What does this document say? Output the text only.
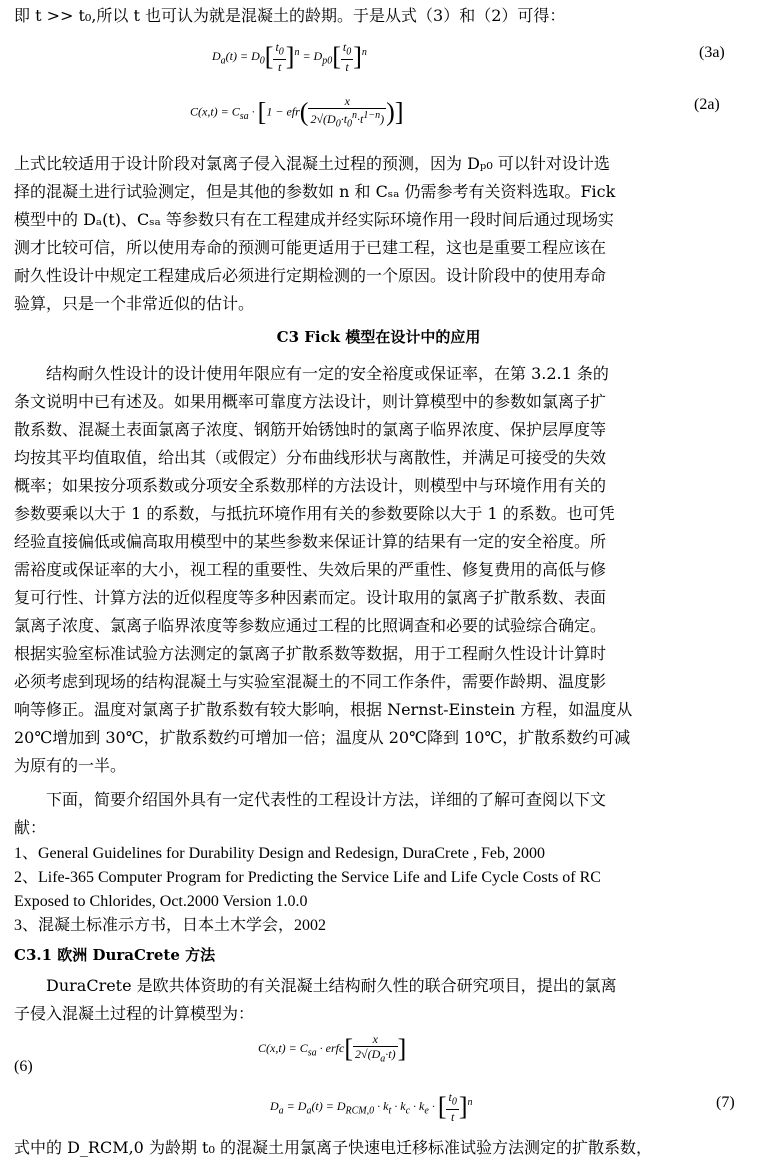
即 t >> t₀,所以 t 也可认为就是混凝土的龄期。于是从式（3）和（2）可得：
$D_a(t) = D_0[ \frac{t_0}{t} ]^n = D_{p0}[ \frac{t_0}{t} ]^n$	(3a)
$C(x,t) = C_{sa} \cdot [1 - efr( \frac{x}{2√(D_0\cdot t_0^n\cdot t^{1-n})}$ )]	(2a)
上式比较适用于设计阶段对氯离子侵入混凝土过程的预测，因为 Dₚ₀ 可以针对设计选
择的混凝土进行试验测定，但是其他的参数如 n 和 Cₛₐ 仍需参考有关资料选取。Fick
模型中的 Dₐ(t)、Cₛₐ 等参数只有在工程建成并经实际环境作用一段时间后通过现场实
测才比较可信，所以使用寿命的预测可能更适用于已建工程，这也是重要工程应该在
耐久性设计中规定工程建成后必须进行定期检测的一个原因。设计阶段中的使用寿命
验算，只是一个非常近似的估计。
C3 Fick 模型在设计中的应用
结构耐久性设计的设计使用年限应有一定的安全裕度或保证率，在第 3.2.1 条的
条文说明中已有述及。如果用概率可靠度方法设计，则计算模型中的参数如氯离子扩
散系数、混凝土表面氯离子浓度、钢筋开始锈蚀时的氯离子临界浓度、保护层厚度等
均按其平均值取值，给出其（或假定）分布曲线形状与离散性，并满足可接受的失效
概率；如果按分项系数或分项安全系数那样的方法设计，则模型中与环境作用有关的
参数要乘以大于 1 的系数，与抵抗环境作用有关的参数要除以大于 1 的系数。也可凭
经验直接偏低或偏高取用模型中的某些参数来保证计算的结果有一定的安全裕度。所
需裕度或保证率的大小，视工程的重要性、失效后果的严重性、修复费用的高低与修
复可行性、计算方法的近似程度等多种因素而定。设计取用的氯离子扩散系数、表面
氯离子浓度、氯离子临界浓度等参数应通过工程的比照调查和必要的试验综合确定。
根据实验室标准试验方法测定的氯离子扩散系数等数据，用于工程耐久性设计计算时
必须考虑到现场的结构混凝土与实验室混凝土的不同工作条件，需要作龄期、温度影
响等修正。温度对氯离子扩散系数有较大影响，根据 Nernst-Einstein 方程，如温度从
20℃增加到 30℃，扩散系数约可增加一倍；温度从 20℃降到 10℃，扩散系数约可减
为原有的一半。
下面，简要介绍国外具有一定代表性的工程设计方法，详细的了解可查阅以下文
献：
1、General Guidelines for Durability Design and Redesign, DuraCrete , Feb, 2000
2、Life-365 Computer Program for Predicting the Service Life and Life Cycle Costs of RC
Exposed to Chlorides, Oct.2000 Version 1.0.0
3、混凝土标准示方书，日本土木学会，2002
C3.1 欧洲 DuraCrete 方法
DuraCrete 是欧共体资助的有关混凝土结构耐久性的联合研究项目，提出的氯离
子侵入混凝土过程的计算模型为：
$C(x,t) = C_{sa}$ · erfc[ $\frac{x}{2√(D_a\cdot t)}$ ]
(6)
$D_a = D_a(t) = D_{RCM,0} \cdot k_t \cdot k_c \cdot k_e$ · [ $\frac{t_0}{t} ]^n$	(7)
式中的 D_RCM,0 为龄期 t₀ 的混凝土用氯离子快速电迁移标准试验方法测定的扩散系数，
